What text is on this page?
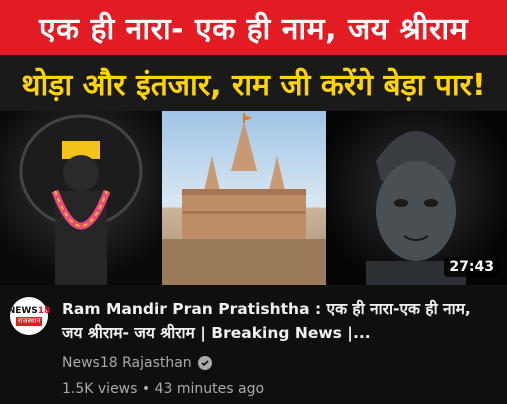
एक ही नारा- एक ही नाम, जय श्रीराम
थोड़ा और इंतजार, राम जी करेंगे बेड़ा पार!
27:43
NEWS18
राजस्थान
Ram Mandir Pran Pratishtha : एक ही नारा-एक ही नाम, जय श्रीराम- जय श्रीराम | Breaking News |...
News18 Rajasthan
1.5K views • 43 minutes ago
